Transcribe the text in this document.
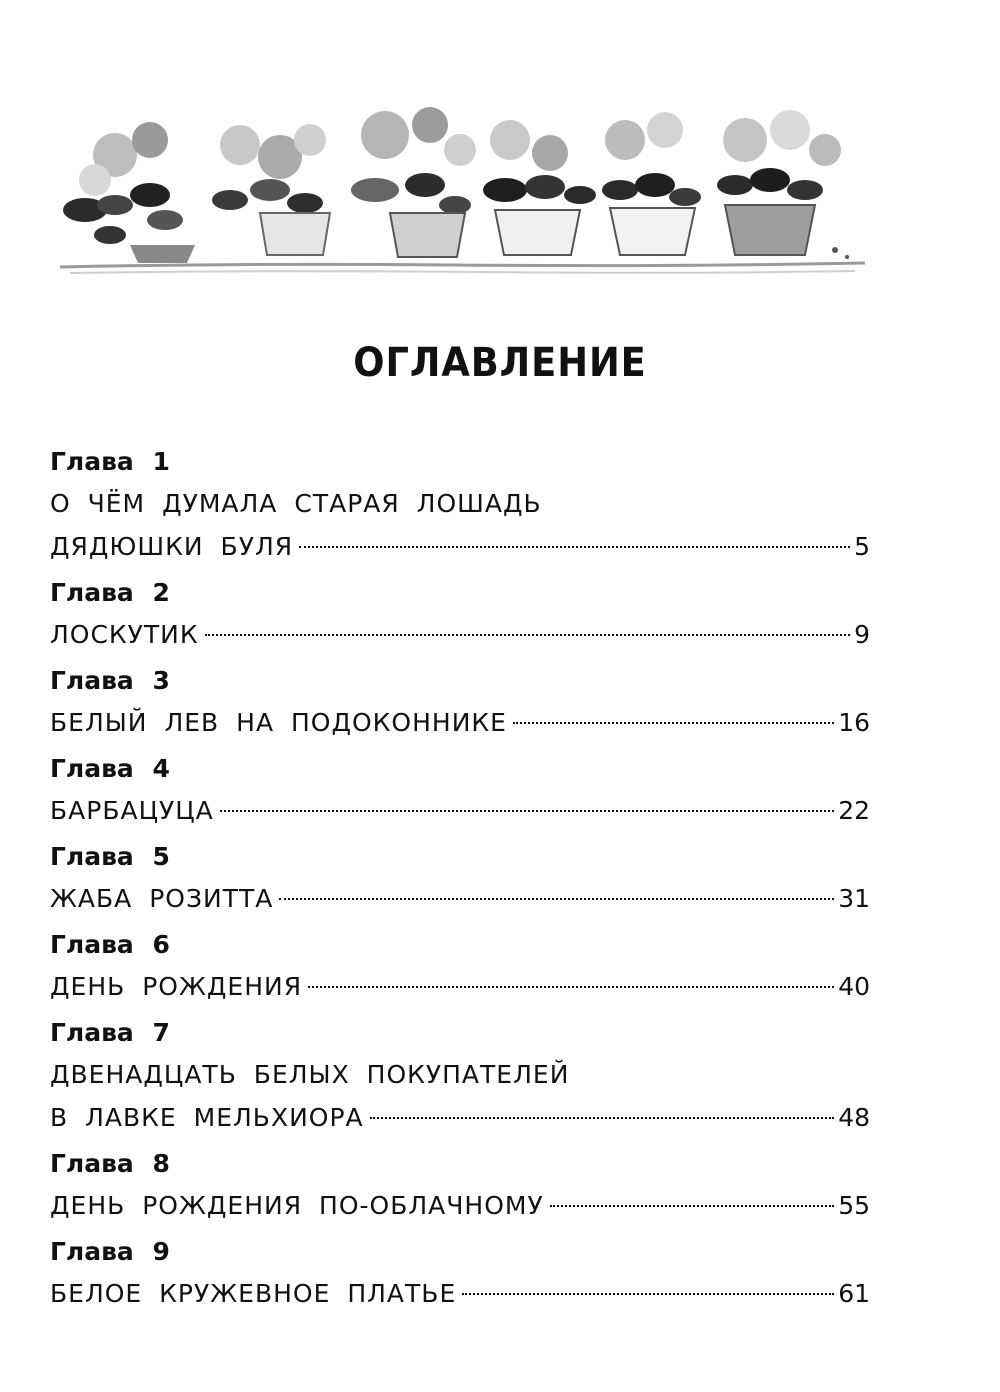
ОГЛАВЛЕНИЕ
Глава 1
О ЧЁМ ДУМАЛА СТАРАЯ ЛОШАДЬ
ДЯДЮШКИ БУЛЯ	5
Глава 2
ЛОСКУТИК	9
Глава 3
БЕЛЫЙ ЛЕВ НА ПОДОКОННИКЕ	16
Глава 4
БАРБАЦУЦА	22
Глава 5
ЖАБА РОЗИТТА	31
Глава 6
ДЕНЬ РОЖДЕНИЯ	40
Глава 7
ДВЕНАДЦАТЬ БЕЛЫХ ПОКУПАТЕЛЕЙ
В ЛАВКЕ МЕЛЬХИОРА	48
Глава 8
ДЕНЬ РОЖДЕНИЯ ПО-ОБЛАЧНОМУ	55
Глава 9
БЕЛОЕ КРУЖЕВНОЕ ПЛАТЬЕ	61
